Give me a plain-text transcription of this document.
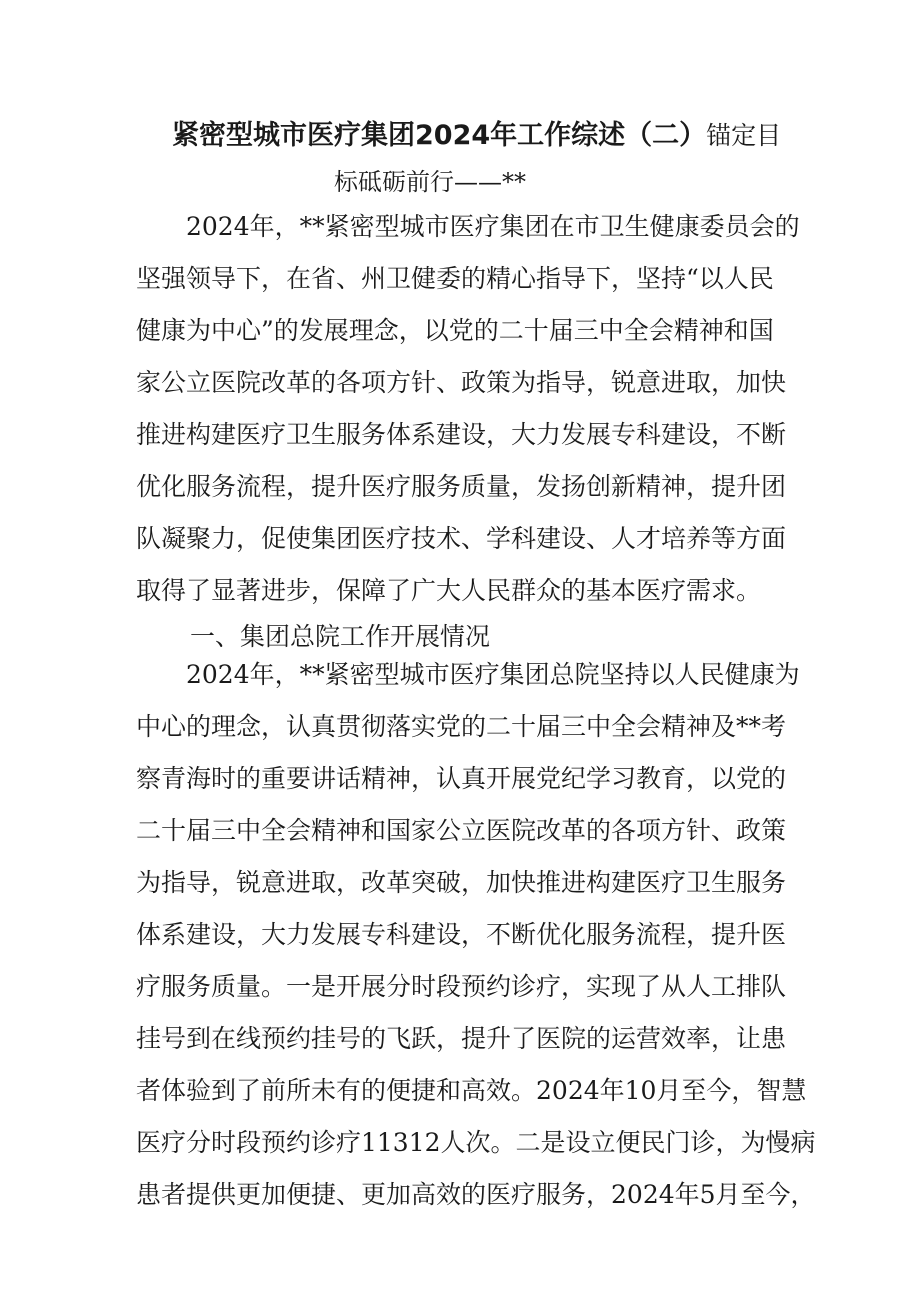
紧密型城市医疗集团2024年工作综述（二）锚定目
标砥砺前行——**
2024年，**紧密型城市医疗集团在市卫生健康委员会的
坚强领导下，在省、州卫健委的精心指导下，坚持“以人民
健康为中心”的发展理念，以党的二十届三中全会精神和国
家公立医院改革的各项方针、政策为指导，锐意进取，加快
推进构建医疗卫生服务体系建设，大力发展专科建设，不断
优化服务流程，提升医疗服务质量，发扬创新精神，提升团
队凝聚力，促使集团医疗技术、学科建设、人才培养等方面
取得了显著进步，保障了广大人民群众的基本医疗需求。
一、集团总院工作开展情况
2024年，**紧密型城市医疗集团总院坚持以人民健康为
中心的理念，认真贯彻落实党的二十届三中全会精神及**考
察青海时的重要讲话精神，认真开展党纪学习教育，以党的
二十届三中全会精神和国家公立医院改革的各项方针、政策
为指导，锐意进取，改革突破，加快推进构建医疗卫生服务
体系建设，大力发展专科建设，不断优化服务流程，提升医
疗服务质量。一是开展分时段预约诊疗，实现了从人工排队
挂号到在线预约挂号的飞跃，提升了医院的运营效率，让患
者体验到了前所未有的便捷和高效。2024年10月至今，智慧
医疗分时段预约诊疗11312人次。二是设立便民门诊，为慢病
患者提供更加便捷、更加高效的医疗服务，2024年5月至今，
